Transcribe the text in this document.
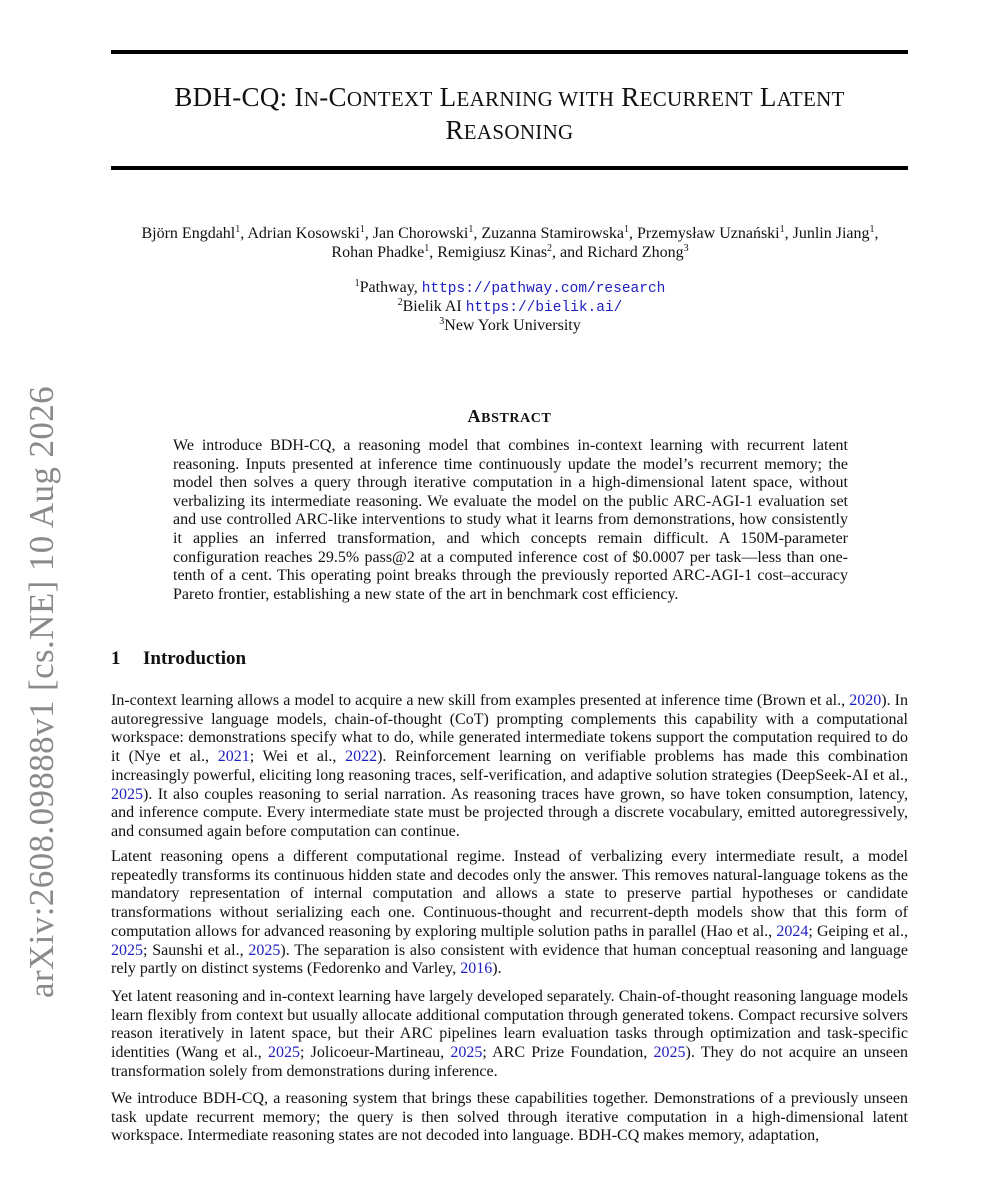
BDH-CQ: IN-CONTEXT LEARNING WITH RECURRENT LATENT
REASONING
Björn Engdahl$^1$, Adrian Kosowski$^1$, Jan Chorowski$^1$, Zuzanna Stamirowska$^1$, Przemysław Uznański$^1$, Junlin Jiang$^1$,
Rohan Phadke$^1$, Remigiusz Kinas$^2$, and Richard Zhong$^3$
$^1$Pathway, https://pathway.com/research
$^2$Bielik AI https://bielik.ai/
$^3$New York University
arXiv:2608.09888v1 [cs.NE] 10 Aug 2026	ABSTRACT
We introduce BDH-CQ, a reasoning model that combines in-context learning with recurrent latent reasoning. Inputs presented at inference time continuously update the model’s recurrent memory; the model then solves a query through iterative computation in a high-dimensional latent space, without verbalizing its intermediate reasoning. We evaluate the model on the public ARC-AGI-1 evaluation set and use controlled ARC-like interventions to study what it learns from demonstrations, how consistently it applies an inferred transformation, and which concepts remain difficult. A 150M-parameter configuration reaches 29.5% pass@2 at a computed inference cost of $0.0007 per task—less than one-tenth of a cent. This operating point breaks through the previously reported ARC-AGI-1 cost–accuracy Pareto frontier, establishing a new state of the art in benchmark cost efficiency.
1 Introduction
In-context learning allows a model to acquire a new skill from examples presented at inference time (Brown et al., 2020). In autoregressive language models, chain-of-thought (CoT) prompting complements this capability with a computational workspace: demonstrations specify what to do, while generated intermediate tokens support the computation required to do it (Nye et al., 2021; Wei et al., 2022). Reinforcement learning on verifiable problems has made this combination increasingly powerful, eliciting long reasoning traces, self-verification, and adaptive solution strategies (DeepSeek-AI et al., 2025). It also couples reasoning to serial narration. As reasoning traces have grown, so have token consumption, latency, and inference compute. Every intermediate state must be projected through a discrete vocabulary, emitted autoregressively, and consumed again before computation can continue.
Latent reasoning opens a different computational regime. Instead of verbalizing every intermediate result, a model repeatedly transforms its continuous hidden state and decodes only the answer. This removes natural-language tokens as the mandatory representation of internal computation and allows a state to preserve partial hypotheses or candidate transformations without serializing each one. Continuous-thought and recurrent-depth models show that this form of computation allows for advanced reasoning by exploring multiple solution paths in parallel (Hao et al., 2024; Geiping et al., 2025; Saunshi et al., 2025). The separation is also consistent with evidence that human conceptual reasoning and language rely partly on distinct systems (Fedorenko and Varley, 2016).
Yet latent reasoning and in-context learning have largely developed separately. Chain-of-thought reasoning language models learn flexibly from context but usually allocate additional computation through generated tokens. Compact recursive solvers reason iteratively in latent space, but their ARC pipelines learn evaluation tasks through optimization and task-specific identities (Wang et al., 2025; Jolicoeur-Martineau, 2025; ARC Prize Foundation, 2025). They do not acquire an unseen transformation solely from demonstrations during inference.
We introduce BDH-CQ, a reasoning system that brings these capabilities together. Demonstrations of a previously unseen task update recurrent memory; the query is then solved through iterative computation in a high-dimensional latent workspace. Intermediate reasoning states are not decoded into language. BDH-CQ makes memory, adaptation,
